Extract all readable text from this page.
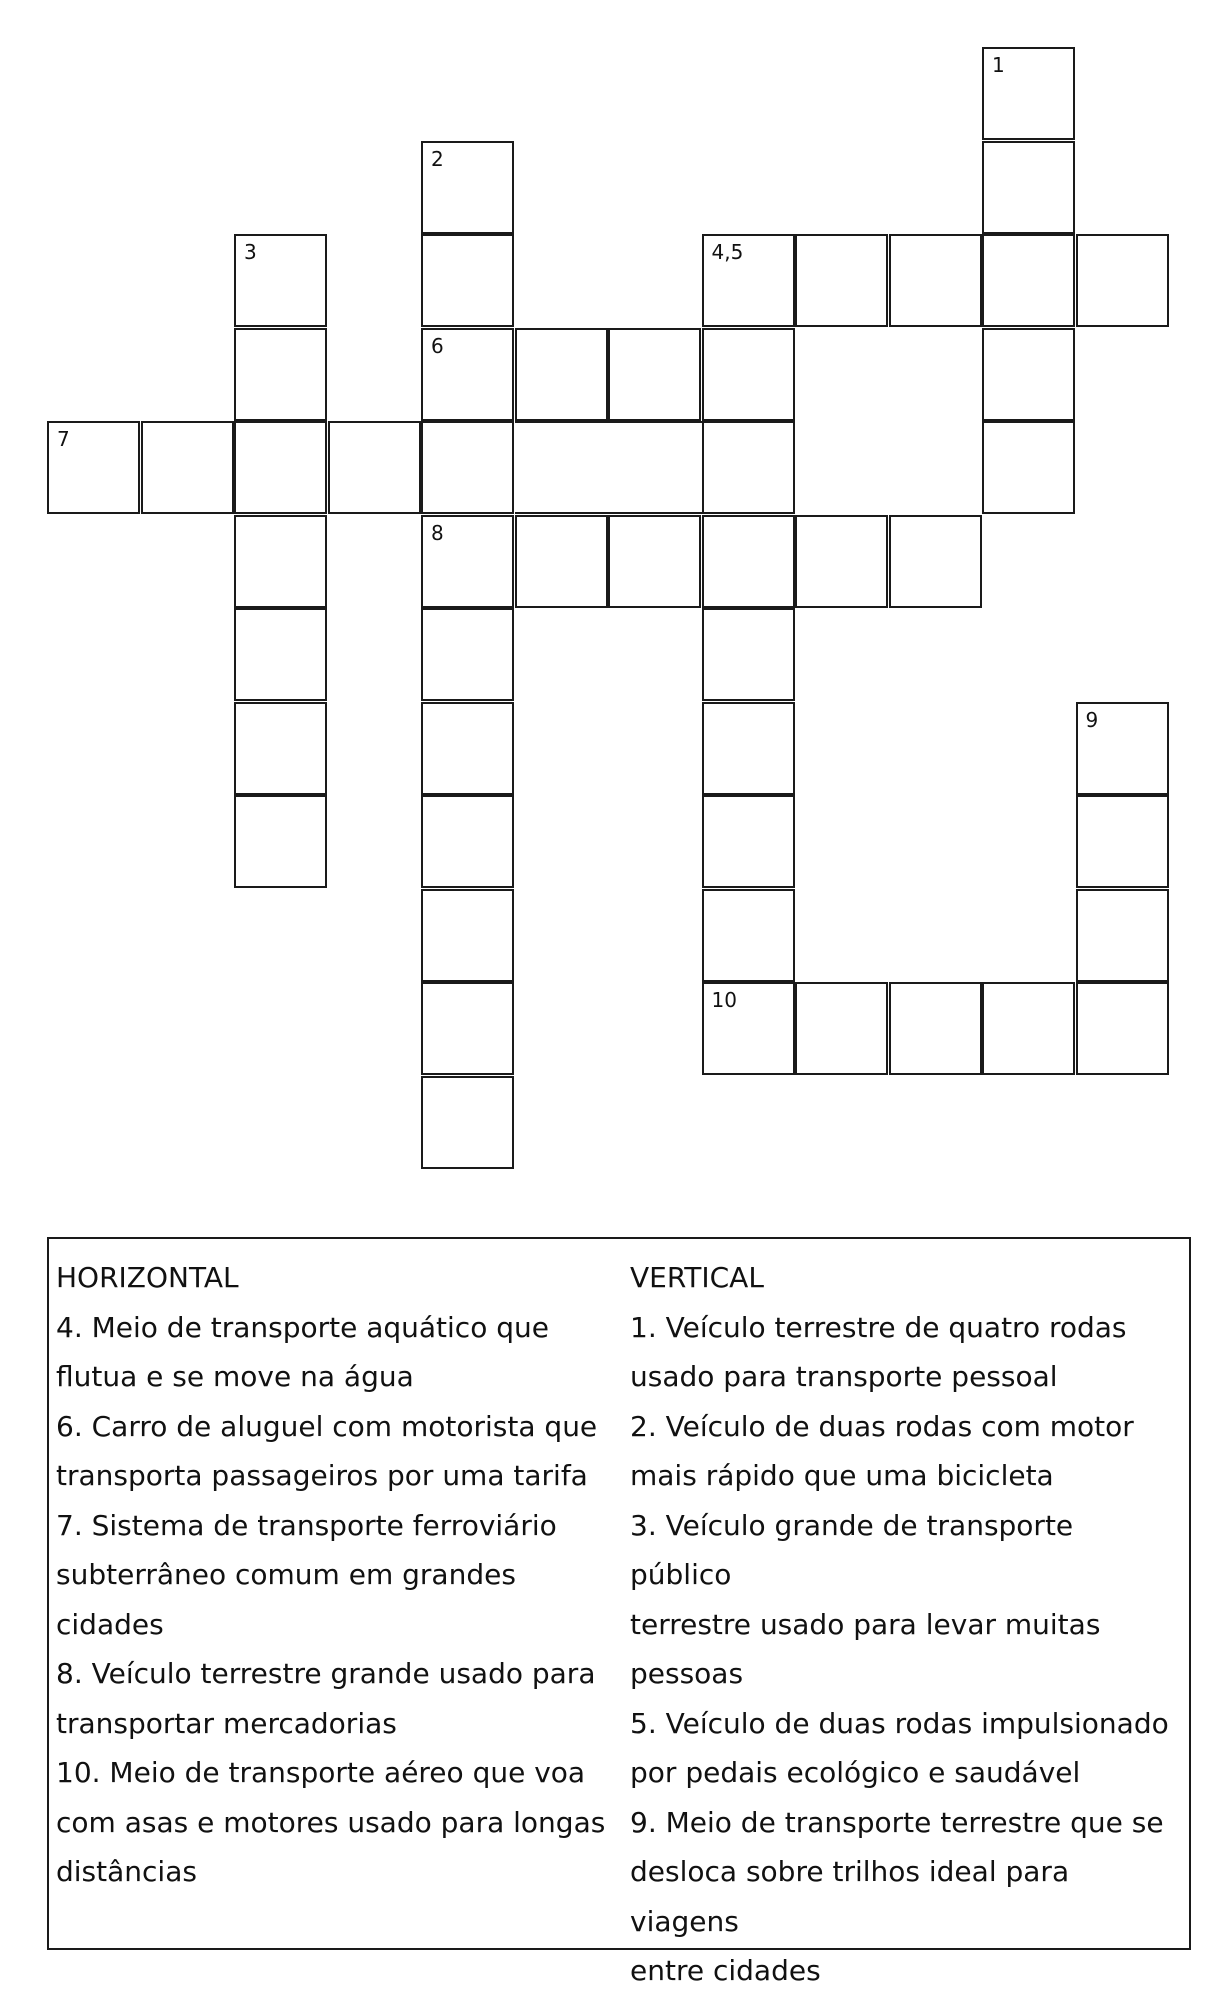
1
2
3	4,5
6
7
8
9
10

HORIZONTAL

4. Meio de transporte aquático que

flutua e se move na água

6. Carro de aluguel com motorista que

transporta passageiros por uma tarifa

7. Sistema de transporte ferroviário

subterrâneo comum em grandes cidades

8. Veículo terrestre grande usado para

transportar mercadorias

10. Meio de transporte aéreo que voa

com asas e motores usado para longas

distâncias

VERTICAL

1. Veículo terrestre de quatro rodas

usado para transporte pessoal

2. Veículo de duas rodas com motor

mais rápido que uma bicicleta

3. Veículo grande de transporte público

terrestre usado para levar muitas

pessoas

5. Veículo de duas rodas impulsionado

por pedais ecológico e saudável

9. Meio de transporte terrestre que se

desloca sobre trilhos ideal para viagens

entre cidades
